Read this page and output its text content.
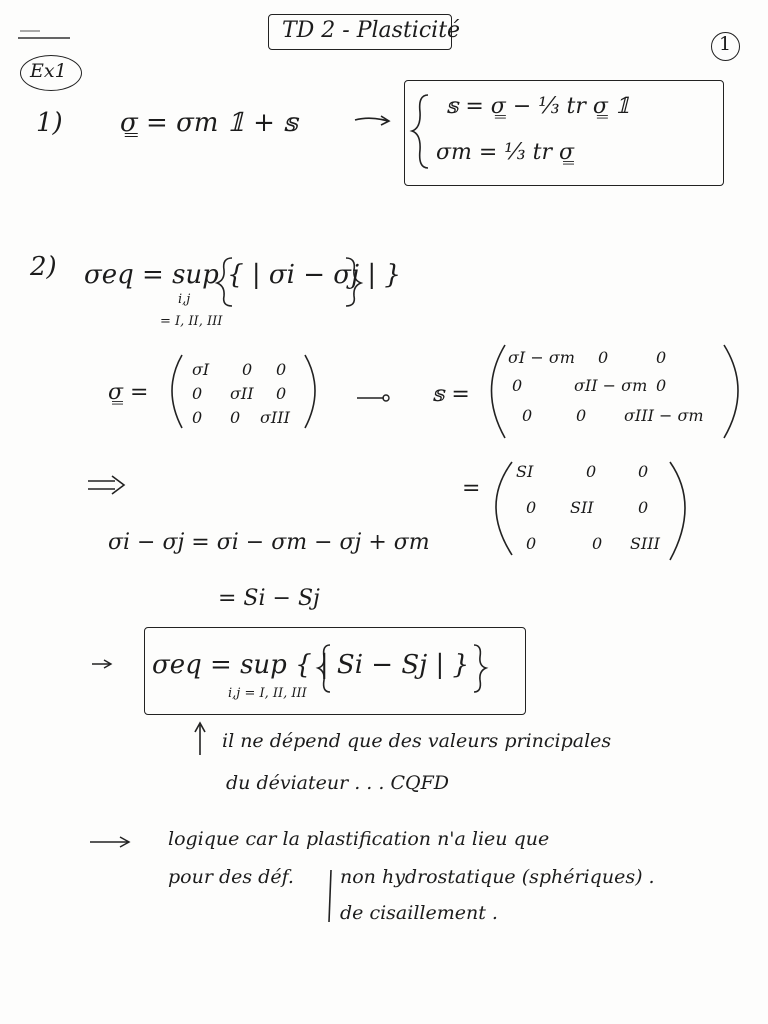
TD 2 - Plasticité
1
Ex1
1) σ̳ = σm 𝟙 + 𝕤
𝕤 = σ̳ − ⅓ tr σ̳ 𝟙
σm = ⅓ tr σ̳
2) σeq = sup { | σi − σj | }
i,j
= I, II, III
σ̳ =
σI 0 0
0 σII 0
0 0 σIII
𝕤 =
σI − σm 0	0
0	σII − σm 0
0	0 σIII − σm
=
SI	0	0
0 SII	0
0	0 SIII
σi − σj = σi − σm − σj + σm
= Si − Sj
σeq = sup { | Si − Sj | }
i,j = I, II, III
il ne dépend que des valeurs principales
du déviateur . . . CQFD
logique car la plastification n'a lieu que
pour des déf. non hydrostatique (sphériques) .
de cisaillement .
